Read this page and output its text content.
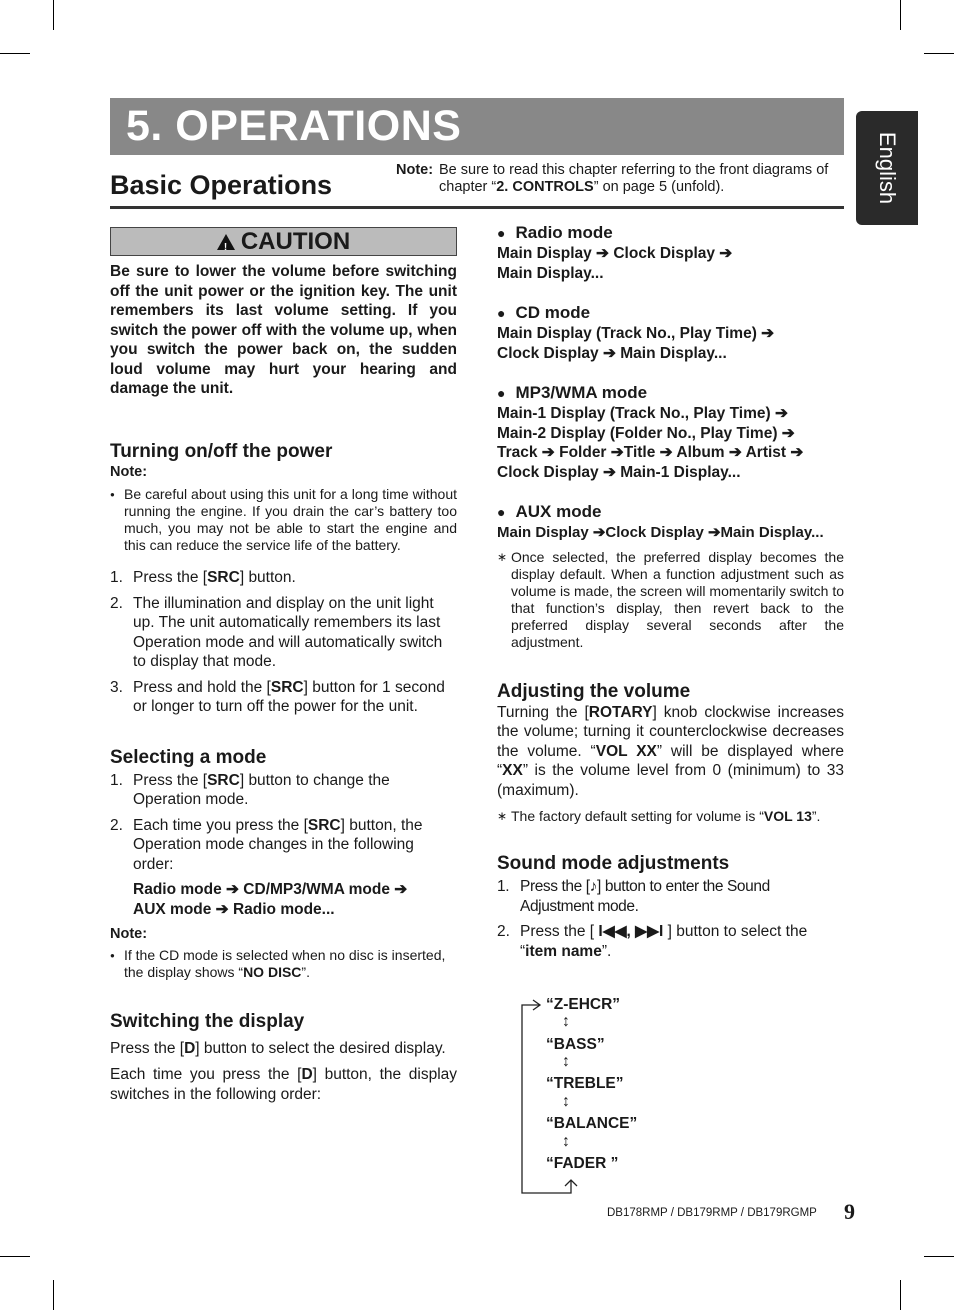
5. OPERATIONS
English
Basic Operations	Note: Be sure to read this chapter referring to the front diagrams of
chapter “2. CONTROLS” on page 5 (unfold).
! CAUTION
Be sure to lower the volume before switching off the unit power or the ignition key. The unit remembers its last volume setting. If you switch the power off with the volume up, when you switch the power back on, the sudden loud volume may hurt your hearing and damage the unit.
Turning on/off the power
Note:
● Be careful about using this unit for a long time without running the engine. If you drain the car’s battery too much, you may not be able to start the engine and this can reduce the service life of the battery.
1. Press the [SRC] button.
2. The illumination and display on the unit light up. The unit automatically remembers its last Operation mode and will automatically switch to display that mode.
3. Press and hold the [SRC] button for 1 second or longer to turn off the power for the unit.
Selecting a mode
1. Press the [SRC] button to change the Operation mode.
2. Each time you press the [SRC] button, the Operation mode changes in the following order:
Radio mode ➔ CD/MP3/WMA mode ➔
AUX mode ➔ Radio mode...
Note:
● If the CD mode is selected when no disc is inserted, the display shows “NO DISC”.
Switching the display
Press the [D] button to select the desired display.
Each time you press the [D] button, the display switches in the following order:
● Radio mode
Main Display ➔ Clock Display ➔
Main Display...
● CD mode
Main Display (Track No., Play Time) ➔
Clock Display ➔ Main Display...
● MP3/WMA mode
Main-1 Display (Track No., Play Time) ➔
Main-2 Display (Folder No., Play Time) ➔
Track ➔ Folder ➔Title ➔ Album ➔ Artist ➔
Clock Display ➔ Main-1 Display...
● AUX mode
Main Display ➔Clock Display ➔Main Display...
∗ Once selected, the preferred display becomes the display default. When a function adjustment such as volume is made, the screen will momentarily switch to that function’s display, then revert back to the preferred display several seconds after the adjustment.
Adjusting the volume
Turning the [ROTARY] knob clockwise increases the volume; turning it counterclockwise decreases the volume. “VOL XX” will be displayed where “XX” is the volume level from 0 (minimum) to 33 (maximum).
∗ The factory default setting for volume is “VOL 13”.
Sound mode adjustments
1. Press the [♪] button to enter the Sound Adjustment mode.
2. Press the [ I◀◀, ▶▶I ] button to select the “item name”.
“Z-EHCR”
↕
“BASS”
↕
“TREBLE”
↕
“BALANCE”
↕
“FADER ”
DB178RMP / DB179RMP / DB179RGMP 9
